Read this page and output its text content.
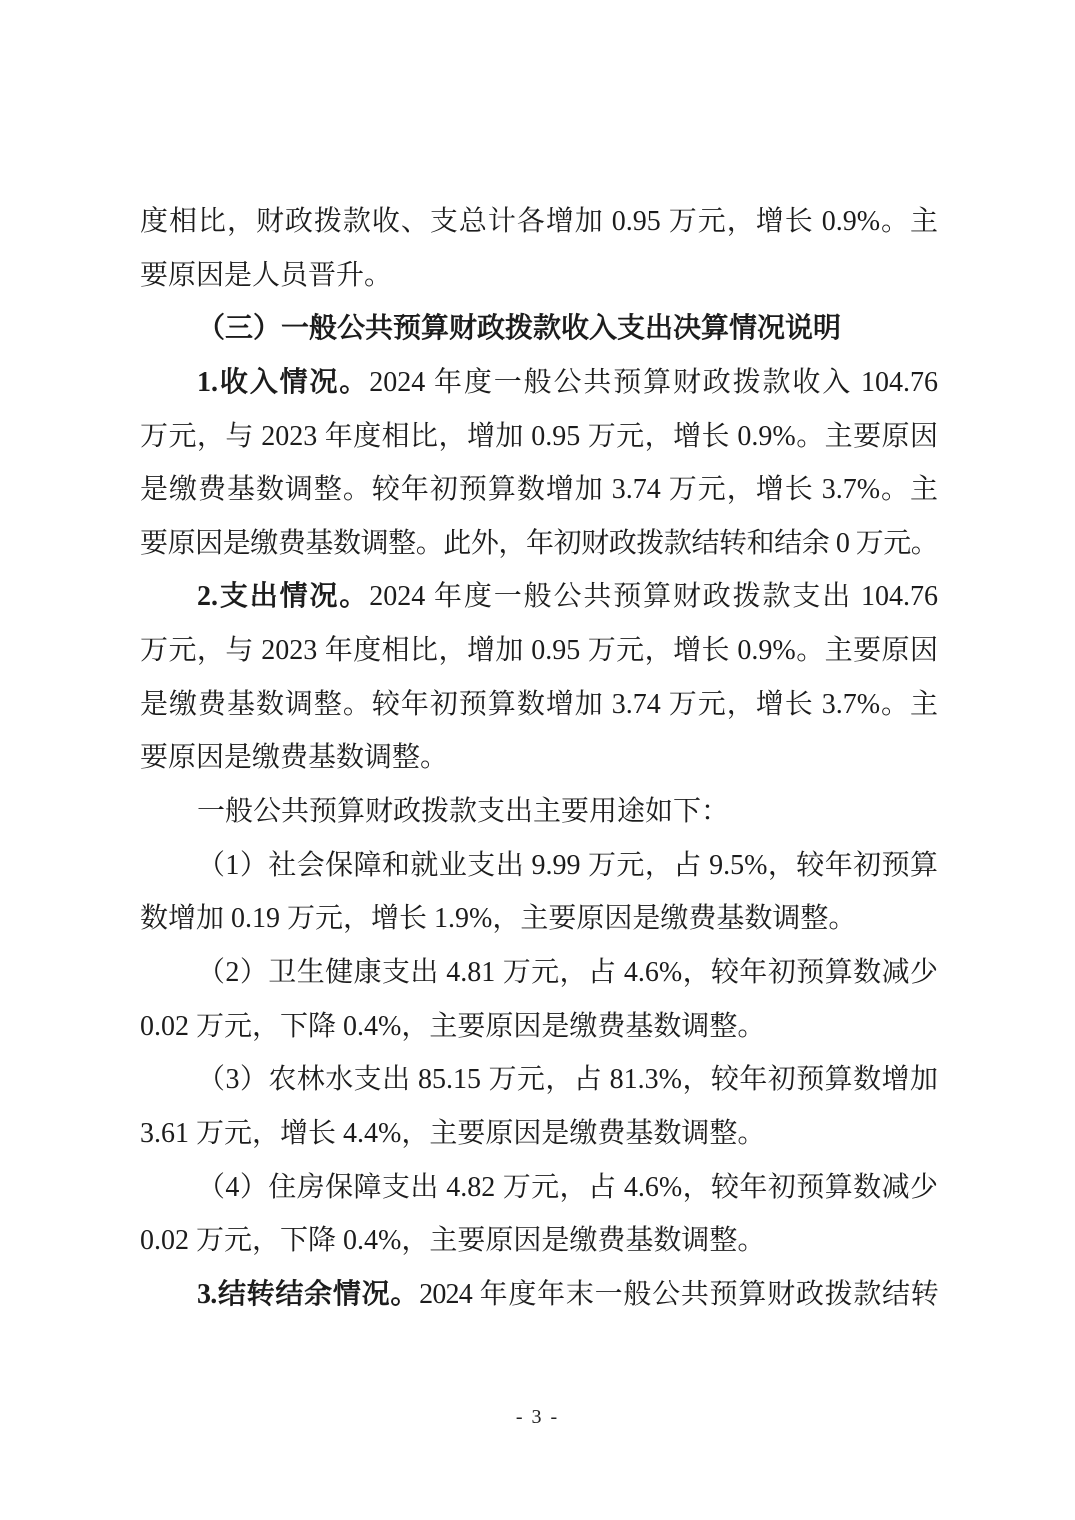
度相比，财政拨款收、支总计各增加 0.95 万元，增长 0.9%。主
要原因是人员晋升。
（三）一般公共预算财政拨款收入支出决算情况说明
1.收入情况。2024 年度一般公共预算财政拨款收入 104.76
万元，与 2023 年度相比，增加 0.95 万元，增长 0.9%。主要原因
是缴费基数调整。较年初预算数增加 3.74 万元，增长 3.7%。主
要原因是缴费基数调整。此外，年初财政拨款结转和结余 0 万元。
2.支出情况。2024 年度一般公共预算财政拨款支出 104.76
万元，与 2023 年度相比，增加 0.95 万元，增长 0.9%。主要原因
是缴费基数调整。较年初预算数增加 3.74 万元，增长 3.7%。主
要原因是缴费基数调整。
一般公共预算财政拨款支出主要用途如下：
（1）社会保障和就业支出 9.99 万元，占 9.5%，较年初预算
数增加 0.19 万元，增长 1.9%，主要原因是缴费基数调整。
（2）卫生健康支出 4.81 万元，占 4.6%，较年初预算数减少
0.02 万元，下降 0.4%，主要原因是缴费基数调整。
（3）农林水支出 85.15 万元，占 81.3%，较年初预算数增加
3.61 万元，增长 4.4%，主要原因是缴费基数调整。
（4）住房保障支出 4.82 万元，占 4.6%，较年初预算数减少
0.02 万元，下降 0.4%，主要原因是缴费基数调整。
3.结转结余情况。2024 年度年末一般公共预算财政拨款结转
- 3 -
